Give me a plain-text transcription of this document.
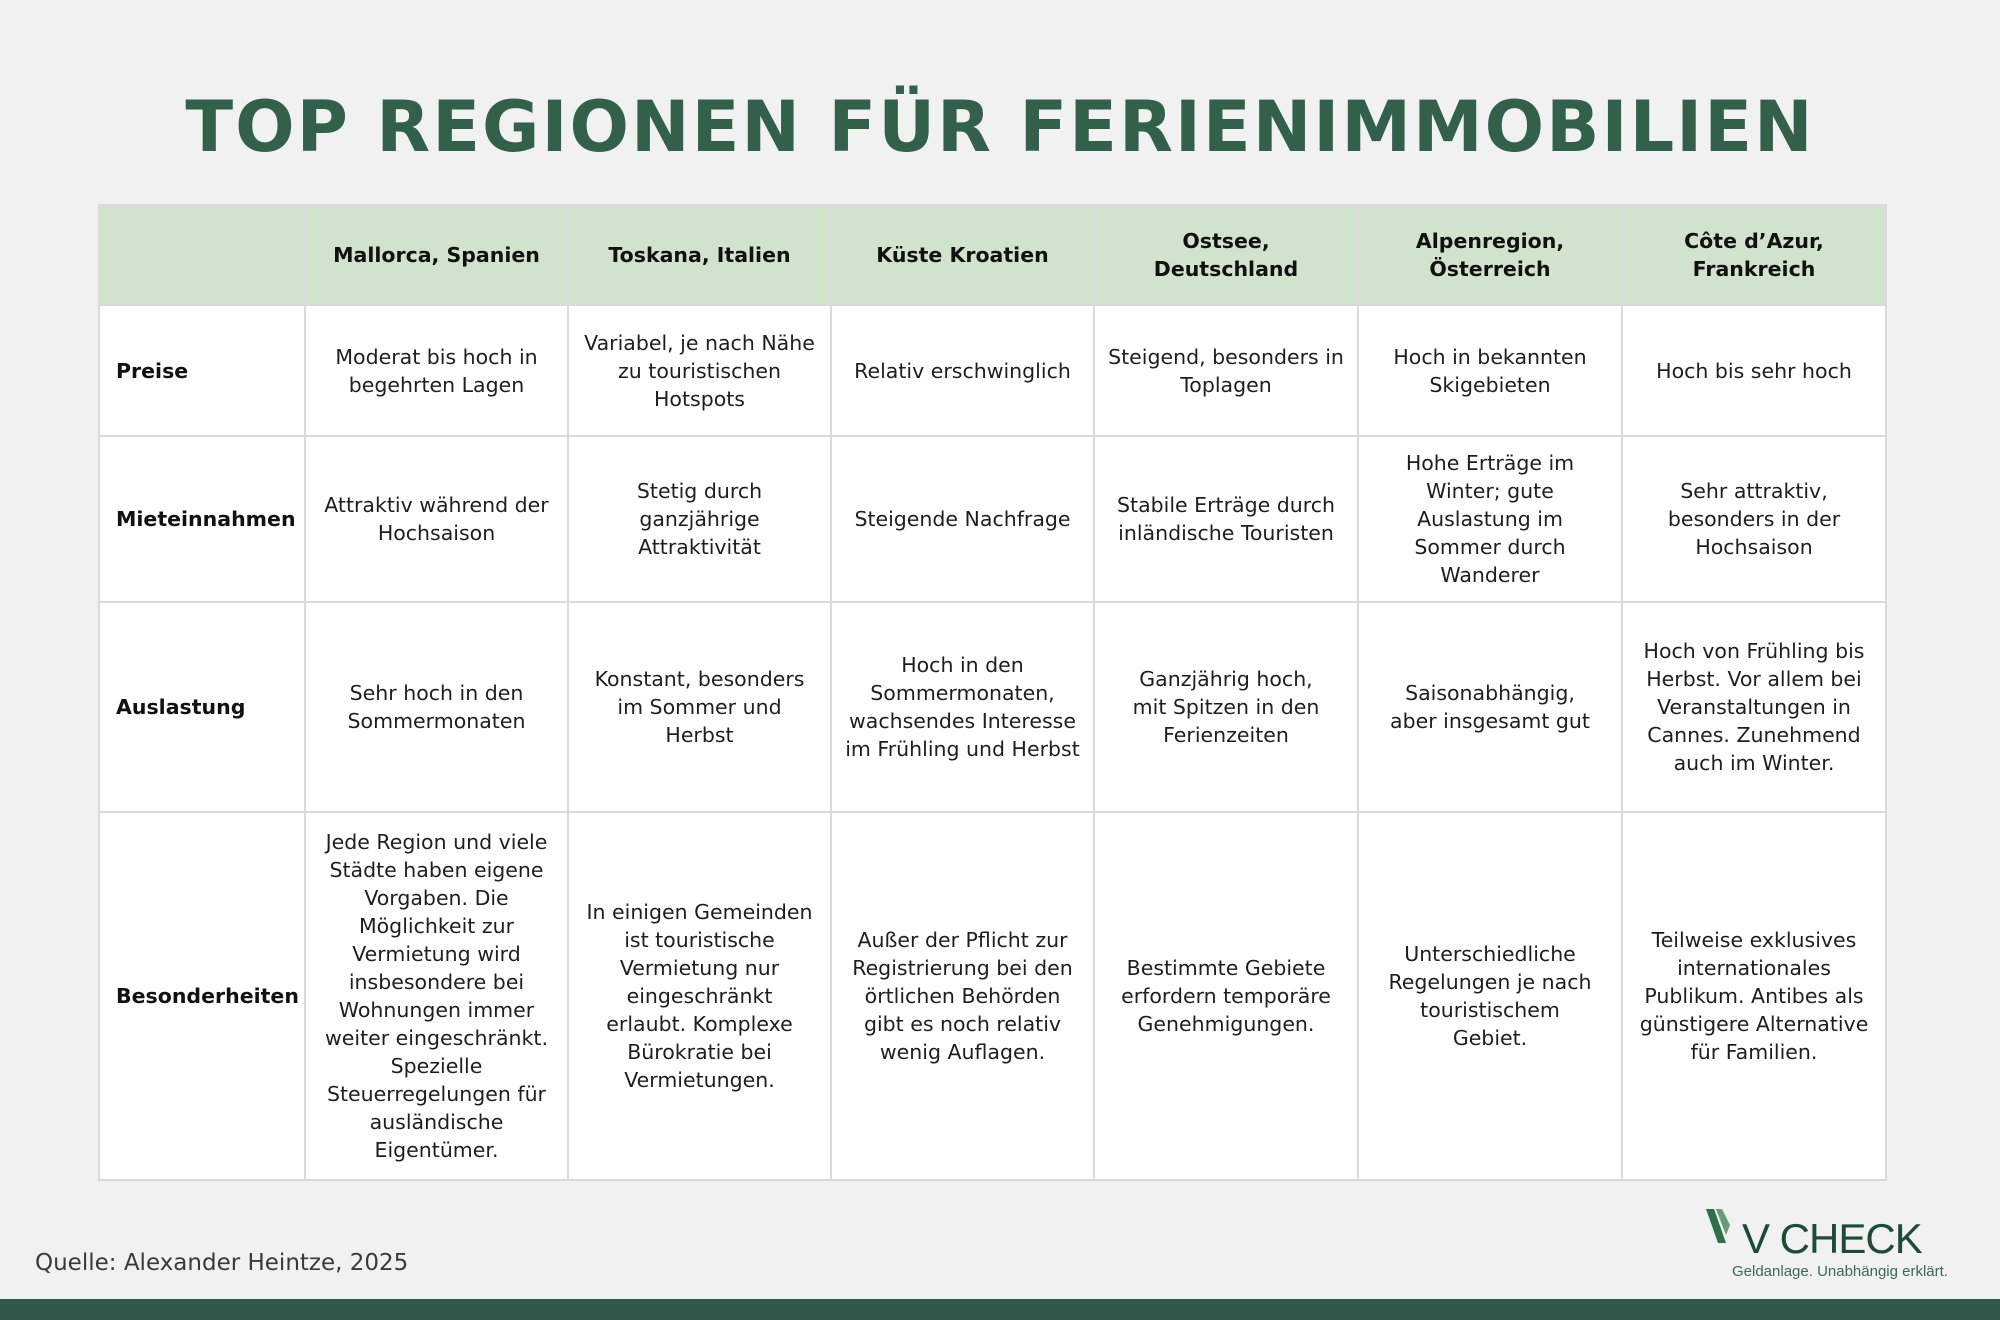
TOP REGIONEN FÜR FERIENIMMOBILIEN
	Mallorca, Spanien	Toskana, Italien	Küste Kroatien	Ostsee, Deutschland	Alpenregion, Österreich	Côte d’Azur, Frankreich
Preise	Moderat bis hoch in begehrten Lagen	Variabel, je nach Nähe zu touristischen Hotspots	Relativ erschwinglich	Steigend, besonders in Toplagen	Hoch in bekannten Skigebieten	Hoch bis sehr hoch
Mieteinnahmen	Attraktiv während der Hochsaison	Stetig durch ganzjährige Attraktivität	Steigende Nachfrage	Stabile Erträge durch inländische Touristen	Hohe Erträge im Winter; gute Auslastung im Sommer durch Wanderer	Sehr attraktiv, besonders in der Hochsaison
Auslastung	Sehr hoch in den Sommermonaten	Konstant, besonders im Sommer und Herbst	Hoch in den Sommermonaten, wachsendes Interesse im Frühling und Herbst	Ganzjährig hoch, mit Spitzen in den Ferienzeiten	Saisonabhängig, aber insgesamt gut	Hoch von Frühling bis Herbst. Vor allem bei Veranstaltungen in Cannes. Zunehmend auch im Winter.
Besonderheiten	Jede Region und viele Städte haben eigene Vorgaben. Die Möglichkeit zur Vermietung wird insbesondere bei Wohnungen immer weiter eingeschränkt. Spezielle Steuerregelungen für ausländische Eigentümer.	In einigen Gemeinden ist touristische Vermietung nur eingeschränkt erlaubt. Komplexe Bürokratie bei Vermietungen.	Außer der Pflicht zur Registrierung bei den örtlichen Behörden gibt es noch relativ wenig Auflagen.	Bestimmte Gebiete erfordern temporäre Genehmigungen.	Unterschiedliche Regelungen je nach touristischem Gebiet.	Teilweise exklusives internationales Publikum. Antibes als günstigere Alternative für Familien.
Quelle: Alexander Heintze, 2025
V CHECK
Geldanlage. Unabhängig erklärt.
